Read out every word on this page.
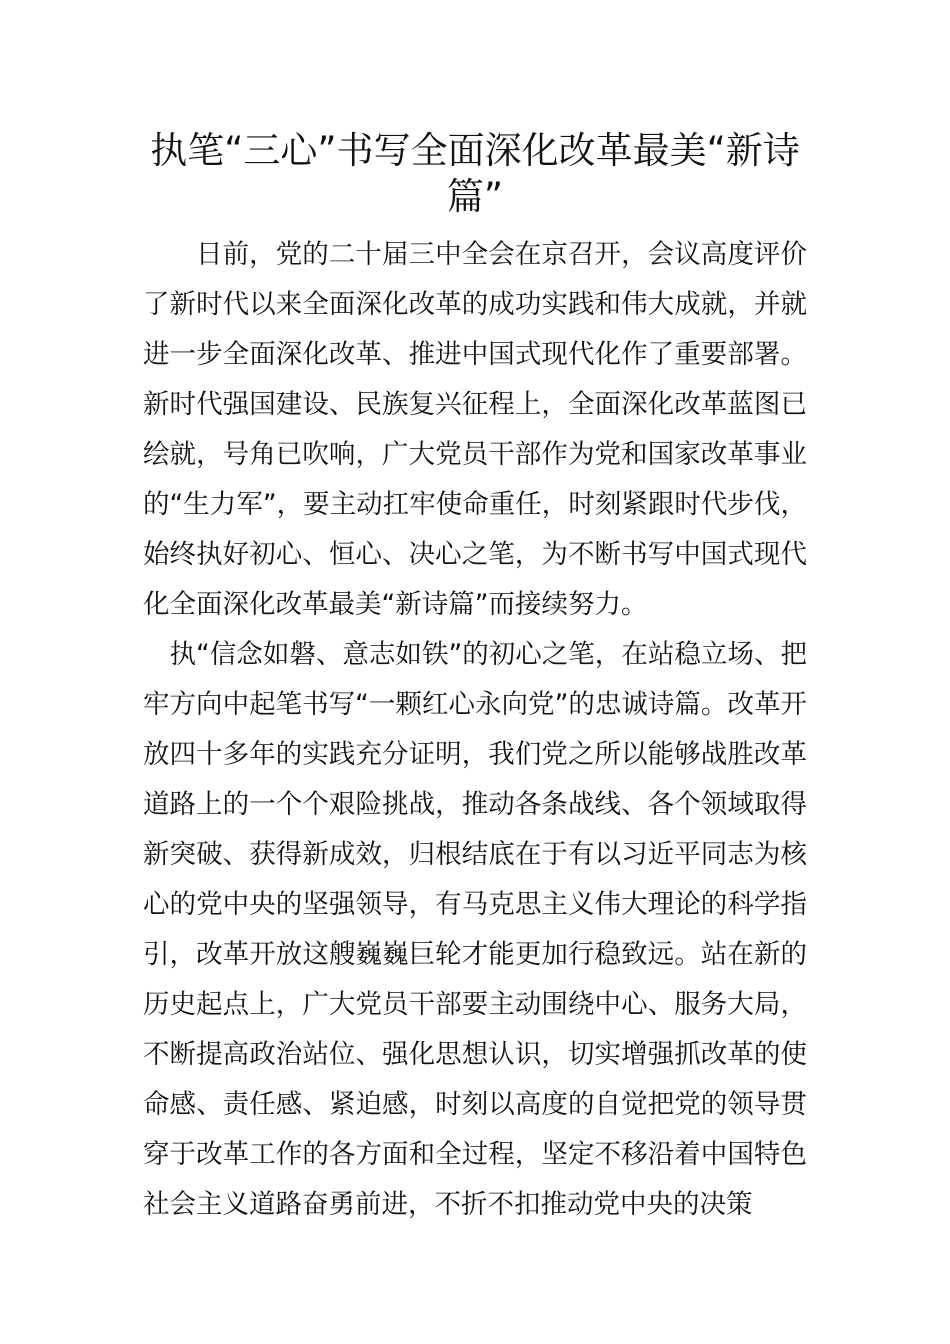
执笔“三心”书写全面深化改革最美“新诗篇”

日前，党的二十届三中全会在京召开，会议高度评价了新时代以来全面深化改革的成功实践和伟大成就，并就进一步全面深化改革、推进中国式现代化作了重要部署。新时代强国建设、民族复兴征程上，全面深化改革蓝图已绘就，号角已吹响，广大党员干部作为党和国家改革事业的“生力军”，要主动扛牢使命重任，时刻紧跟时代步伐，始终执好初心、恒心、决心之笔，为不断书写中国式现代化全面深化改革最美“新诗篇”而接续努力。

执“信念如磐、意志如铁”的初心之笔，在站稳立场、把牢方向中起笔书写“一颗红心永向党”的忠诚诗篇。改革开放四十多年的实践充分证明，我们党之所以能够战胜改革道路上的一个个艰险挑战，推动各条战线、各个领域取得新突破、获得新成效，归根结底在于有以习近平同志为核心的党中央的坚强领导，有马克思主义伟大理论的科学指引，改革开放这艘巍巍巨轮才能更加行稳致远。站在新的历史起点上，广大党员干部要主动围绕中心、服务大局，不断提高政治站位、强化思想认识，切实增强抓改革的使命感、责任感、紧迫感，时刻以高度的自觉把党的领导贯穿于改革工作的各方面和全过程，坚定不移沿着中国特色社会主义道路奋勇前进，不折不扣推动党中央的决策
